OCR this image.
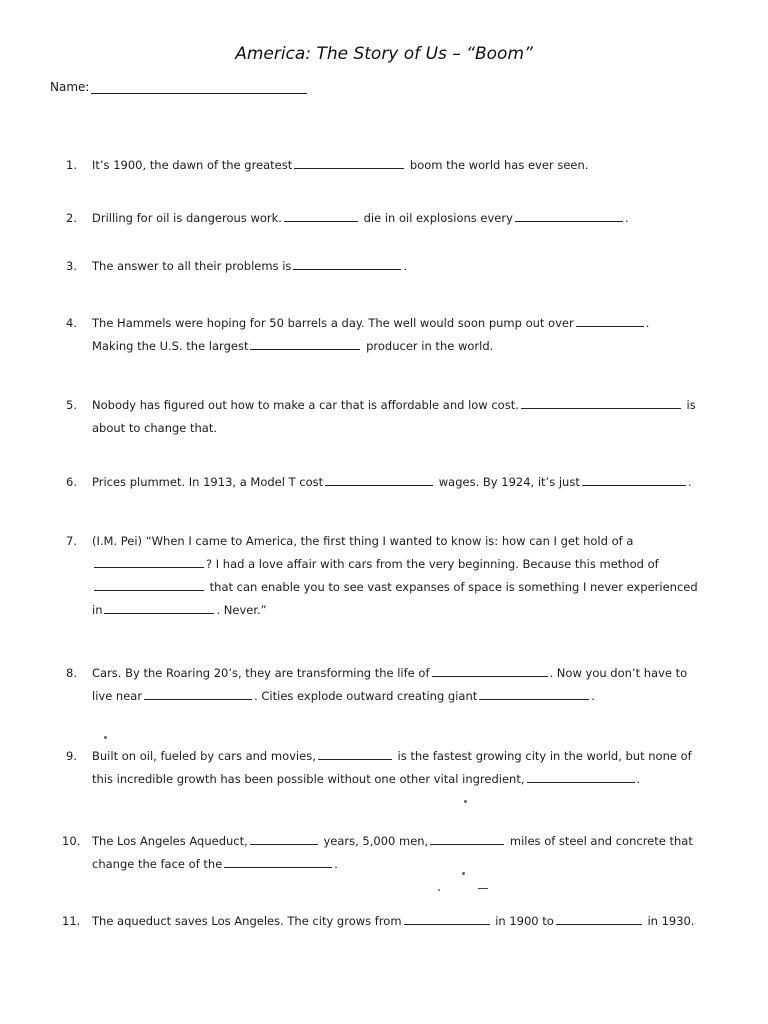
America: The Story of Us – “Boom”
Name:
1.	It’s 1900, the dawn of the greatest	boom the world has ever seen.
2.	Drilling for oil is dangerous work.	die in oil explosions every	.
3.	The answer to all their problems is	.
4.	The Hammels were hoping for 50 barrels a day. The well would soon pump out over	.
Making the U.S. the largest	producer in the world.
5.	Nobody has figured out how to make a car that is affordable and low cost.	is
about to change that.
6.	Prices plummet. In 1913, a Model T cost	wages. By 1924, it’s just	.
7.	(I.M. Pei) “When I came to America, the first thing I wanted to know is: how can I get hold of a
? I had a love affair with cars from the very beginning. Because this method of
that can enable you to see vast expanses of space is something I never experienced
in	. Never.”
8.	Cars. By the Roaring 20’s, they are transforming the life of	. Now you don’t have to
live near	. Cities explode outward creating giant	.
9.	Built on oil, fueled by cars and movies,	is the fastest growing city in the world, but none of
this incredible growth has been possible without one other vital ingredient,	.
10.	The Los Angeles Aqueduct,	years, 5,000 men,	miles of steel and concrete that
change the face of the	.
11.	The aqueduct saves Los Angeles. The city grows from	in 1900 to	in 1930.
